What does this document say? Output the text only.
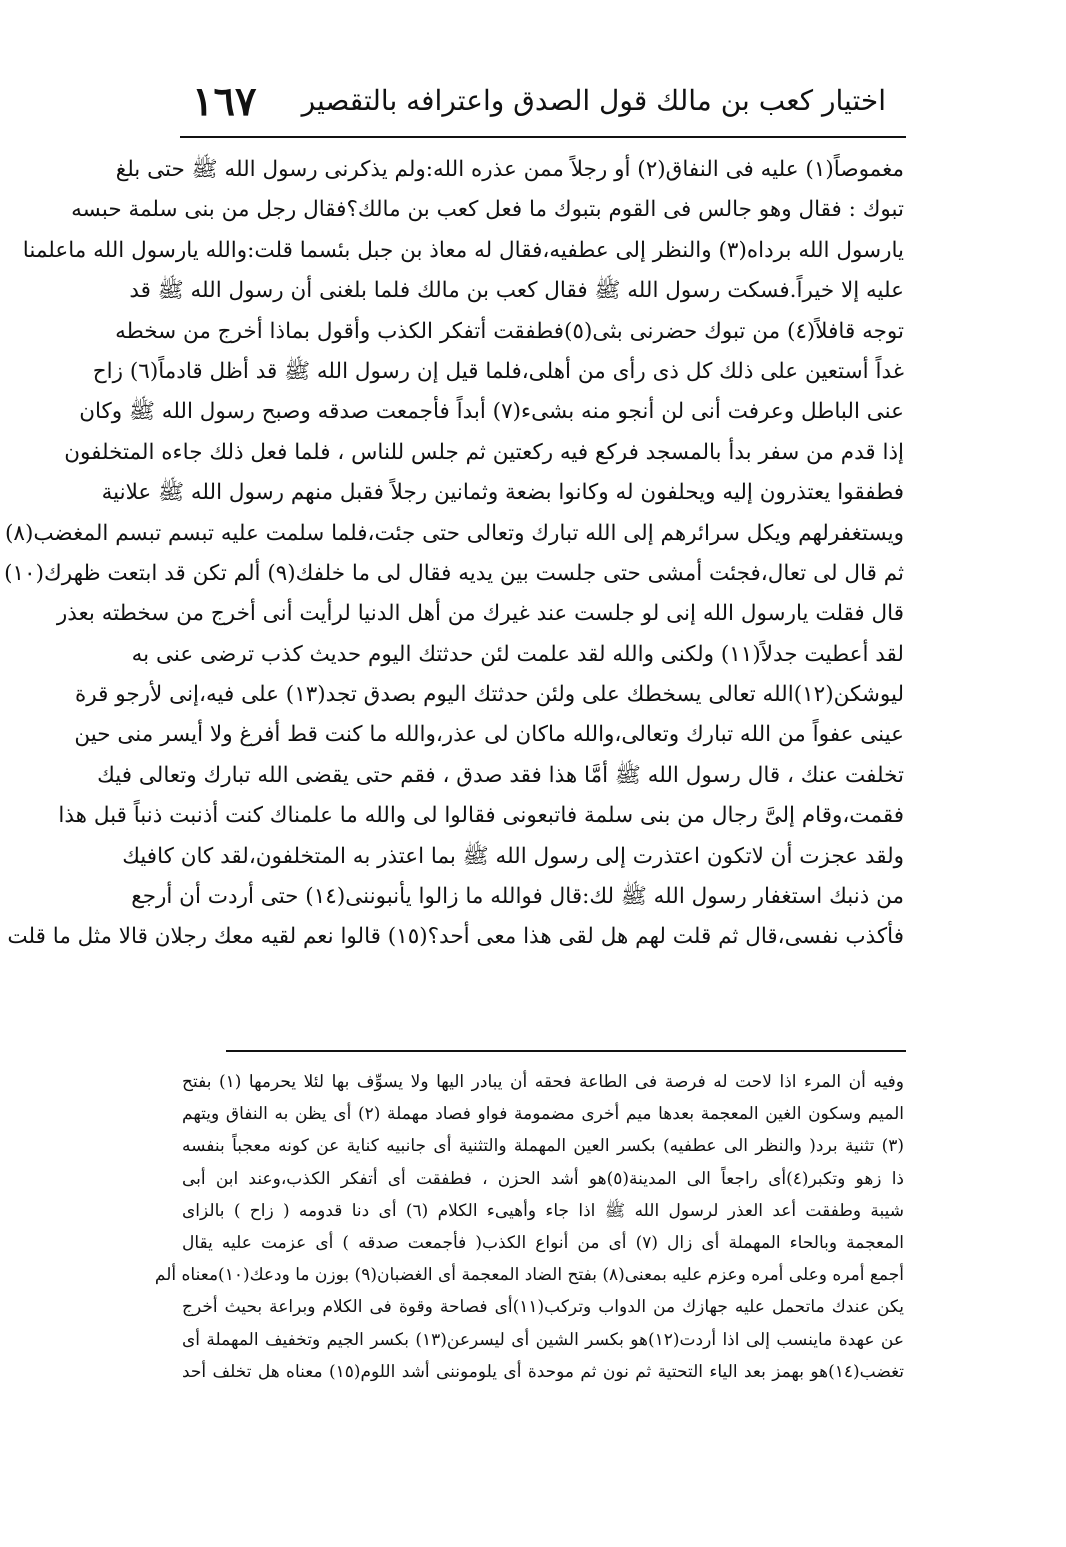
١٦٧ اختيار كعب بن مالك قول الصدق واعترافه بالتقصير
مغموصاً(١) عليه فى النفاق(٢) أو رجلاً ممن عذره الله:ولم يذكرنى رسول الله ﷺ حتى بلغ
تبوك : فقال وهو جالس فى القوم بتبوك ما فعل كعب بن مالك؟فقال رجل من بنى سلمة حبسه
يارسول الله برداه(٣) والنظر إلى عطفيه،فقال له معاذ بن جبل بئسما قلت:والله يارسول الله ماعلمنا
عليه إلا خيراً.فسكت رسول الله ﷺ فقال كعب بن مالك فلما بلغنى أن رسول الله ﷺ قد
توجه قافلاً(٤) من تبوك حضرنى بثى(٥)فطفقت أتفكر الكذب وأقول بماذا أخرج من سخطه
غداً أستعين على ذلك كل ذى رأى من أهلى،فلما قيل إن رسول الله ﷺ قد أظل قادماً(٦) زاح
عنى الباطل وعرفت أنى لن أنجو منه بشىء(٧) أبداً فأجمعت صدقه وصبح رسول الله ﷺ وكان
إذا قدم من سفر بدأ بالمسجد فركع فيه ركعتين ثم جلس للناس ، فلما فعل ذلك جاءه المتخلفون
فطفقوا يعتذرون إليه ويحلفون له وكانوا بضعة وثمانين رجلاً فقبل منهم رسول الله ﷺ علانية
ويستغفرلهم ويكل سرائرهم إلى الله تبارك وتعالى حتى جئت،فلما سلمت عليه تبسم تبسم المغضب(٨)
ثم قال لى تعال،فجئت أمشى حتى جلست بين يديه فقال لى ما خلفك(٩) ألم تكن قد ابتعت ظهرك(١٠)
قال فقلت يارسول الله إنى لو جلست عند غيرك من أهل الدنيا لرأيت أنى أخرج من سخطته بعذر
لقد أعطيت جدلاً(١١) ولكنى والله لقد علمت لئن حدثتك اليوم حديث كذب ترضى عنى به
ليوشكن(١٢)الله تعالى يسخطك على ولئن حدثتك اليوم بصدق تجد(١٣) على فيه،إنى لأرجو قرة
عينى عفواً من الله تبارك وتعالى،والله ماكان لى عذر،والله ما كنت قط أفرغ ولا أيسر منى حين
تخلفت عنك ، قال رسول الله ﷺ أمَّا هذا فقد صدق ، فقم حتى يقضى الله تبارك وتعالى فيك
فقمت،وقام إلىَّ رجال من بنى سلمة فاتبعونى فقالوا لى والله ما علمناك كنت أذنبت ذنباً قبل هذا
ولقد عجزت أن لاتكون اعتذرت إلى رسول الله ﷺ بما اعتذر به المتخلفون،لقد كان كافيك
من ذنبك استغفار رسول الله ﷺ لك:قال فوالله ما زالوا يأنبوننى(١٤) حتى أردت أن أرجع
فأكذب نفسى،قال ثم قلت لهم هل لقى هذا معى أحد؟(١٥) قالوا نعم لقيه معك رجلان قالا مثل ما قلت
وفيه أن المرء اذا لاحت له فرصة فى الطاعة فحقه أن يبادر اليها ولا يسوِّف بها لئلا يحرمها (١) بفتح
الميم وسكون الغين المعجمة بعدها ميم أخرى مضمومة فواو فصاد مهملة (٢) أى يظن به النفاق ويتهم
(٣) تثنية برد( والنظر الى عطفيه) بكسر العين المهملة والتثنية أى جانبيه كناية عن كونه معجباً بنفسه
ذا زهو وتكبر(٤)أى راجعاً الى المدينة(٥)هو أشد الحزن ، فطفقت أى أتفكر الكذب،وعند ابن أبى
شيبة وطفقت أعد العذر لرسول الله ﷺ اذا جاء وأهيىء الكلام (٦) أى دنا قدومه ( زاح ) بالزاى
المعجمة وبالحاء المهملة أى زال (٧) أى من أنواع الكذب( فأجمعت صدقه ) أى عزمت عليه يقال
أجمع أمره وعلى أمره وعزم عليه بمعنى(٨) بفتح الضاد المعجمة أى الغضبان(٩) بوزن ما ودعك(١٠)معناه ألم
يكن عندك ماتحمل عليه جهازك من الدواب وتركب(١١)أى فصاحة وقوة فى الكلام وبراعة بحيث أخرج
عن عهدة ماينسب إلى اذا أردت(١٢)هو بكسر الشين أى ليسرعن(١٣) بكسر الجيم وتخفيف المهملة أى
تغضب(١٤)هو بهمز بعد الياء التحتية ثم نون ثم موحدة أى يلوموننى أشد اللوم(١٥) معناه هل تخلف أحد
